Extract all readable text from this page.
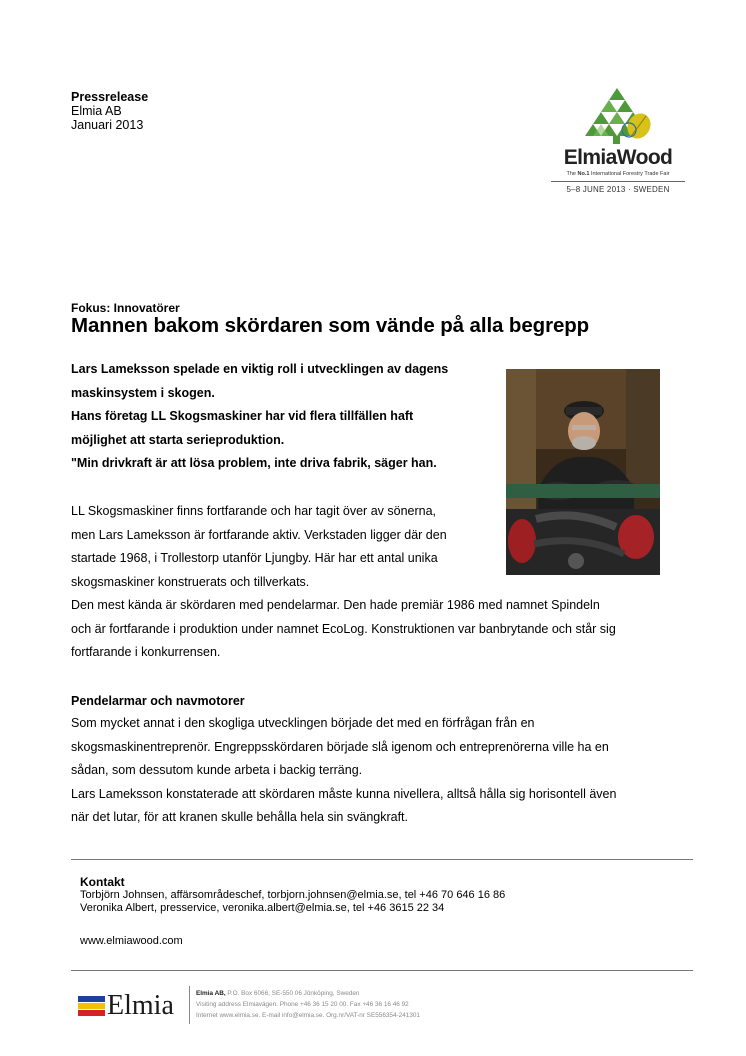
Pressrelease
Elmia AB
Januari 2013
ElmiaWood
The No.1 International Forestry Trade Fair
5–8 JUNE 2013 · SWEDEN
Fokus: Innovatörer
Mannen bakom skördaren som vände på alla begrepp
Lars Lameksson spelade en viktig roll i utvecklingen av dagens
maskinsystem i skogen.
Hans företag LL Skogsmaskiner har vid flera tillfällen haft
möjlighet att starta serieproduktion.
"Min drivkraft är att lösa problem, inte driva fabrik, säger han.
LL Skogsmaskiner finns fortfarande och har tagit över av sönerna,
men Lars Lameksson är fortfarande aktiv. Verkstaden ligger där den
startade 1968, i Trollestorp utanför Ljungby. Här har ett antal unika
skogsmaskiner konstruerats och tillverkats.
Den mest kända är skördaren med pendelarmar. Den hade premiär 1986 med namnet Spindeln
och är fortfarande i produktion under namnet EcoLog. Konstruktionen var banbrytande och står sig
fortfarande i konkurrensen.
Pendelarmar och navmotorer
Som mycket annat i den skogliga utvecklingen började det med en förfrågan från en
skogsmaskinentreprenör. Engreppsskördaren började slå igenom och entreprenörerna ville ha en
sådan, som dessutom kunde arbeta i backig terräng.
Lars Lameksson konstaterade att skördaren måste kunna nivellera, alltså hålla sig horisontell även
när det lutar, för att kranen skulle behålla hela sin svängkraft.
Kontakt
Torbjörn Johnsen, affärsområdeschef, torbjorn.johnsen@elmia.se, tel +46 70 646 16 86
Veronika Albert, presservice, veronika.albert@elmia.se, tel +46 3615 22 34
www.elmiawood.com
Elmia	Elmia AB, P.O. Box 6066, SE-550 06 Jönköping, Sweden
Visiting address Elmiavägen. Phone +46 36 15 20 00. Fax +46 36 16 46 92
Internet www.elmia.se. E-mail info@elmia.se. Org.nr/VAT-nr SE556354-241301
